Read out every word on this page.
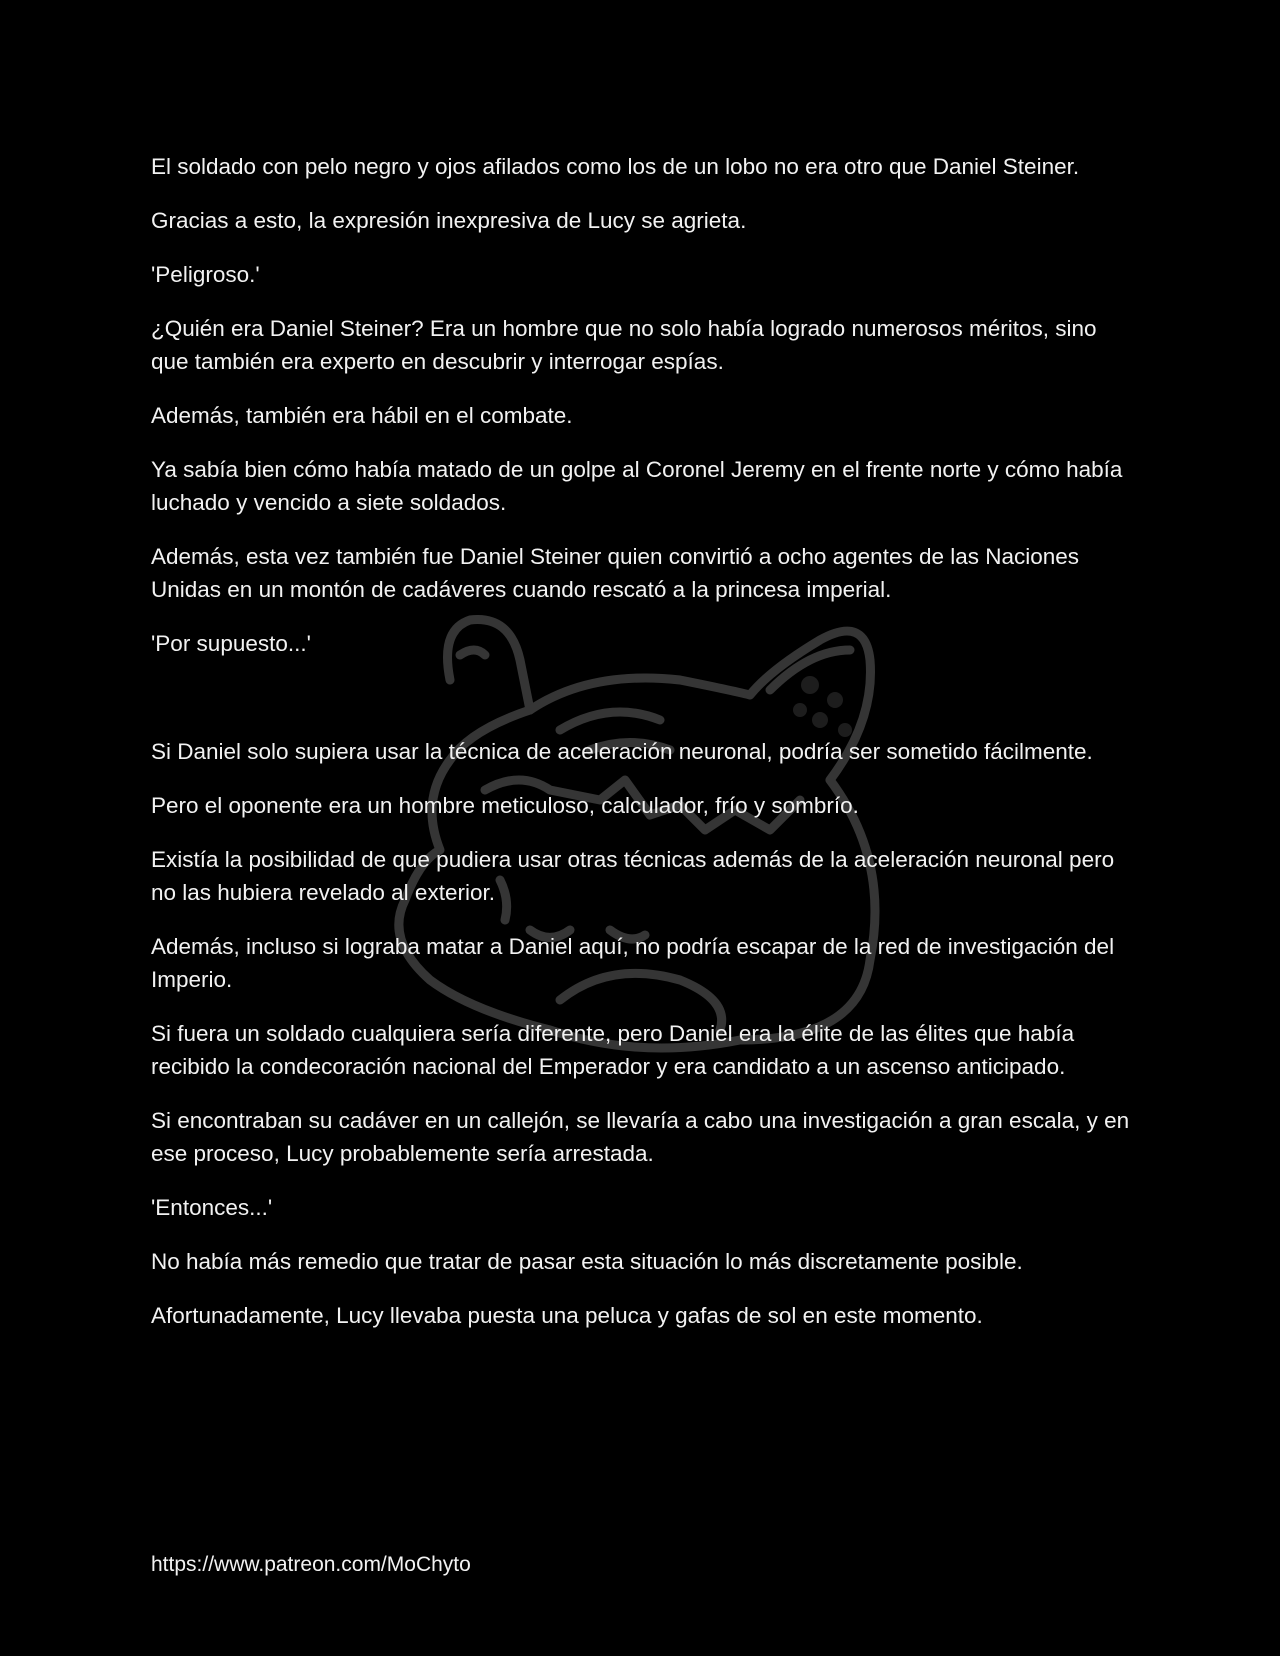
El soldado con pelo negro y ojos afilados como los de un lobo no era otro que Daniel Steiner.

Gracias a esto, la expresión inexpresiva de Lucy se agrieta.

'Peligroso.'

¿Quién era Daniel Steiner? Era un hombre que no solo había logrado numerosos méritos, sino que también era experto en descubrir y interrogar espías.

Además, también era hábil en el combate.

Ya sabía bien cómo había matado de un golpe al Coronel Jeremy en el frente norte y cómo había luchado y vencido a siete soldados.

Además, esta vez también fue Daniel Steiner quien convirtió a ocho agentes de las Naciones Unidas en un montón de cadáveres cuando rescató a la princesa imperial.

'Por supuesto...'

Si Daniel solo supiera usar la técnica de aceleración neuronal, podría ser sometido fácilmente.

Pero el oponente era un hombre meticuloso, calculador, frío y sombrío.

Existía la posibilidad de que pudiera usar otras técnicas además de la aceleración neuronal pero no las hubiera revelado al exterior.

Además, incluso si lograba matar a Daniel aquí, no podría escapar de la red de investigación del Imperio.

Si fuera un soldado cualquiera sería diferente, pero Daniel era la élite de las élites que había recibido la condecoración nacional del Emperador y era candidato a un ascenso anticipado.

Si encontraban su cadáver en un callejón, se llevaría a cabo una investigación a gran escala, y en ese proceso, Lucy probablemente sería arrestada.

'Entonces...'

No había más remedio que tratar de pasar esta situación lo más discretamente posible.

Afortunadamente, Lucy llevaba puesta una peluca y gafas de sol en este momento.

https://www.patreon.com/MoChyto
